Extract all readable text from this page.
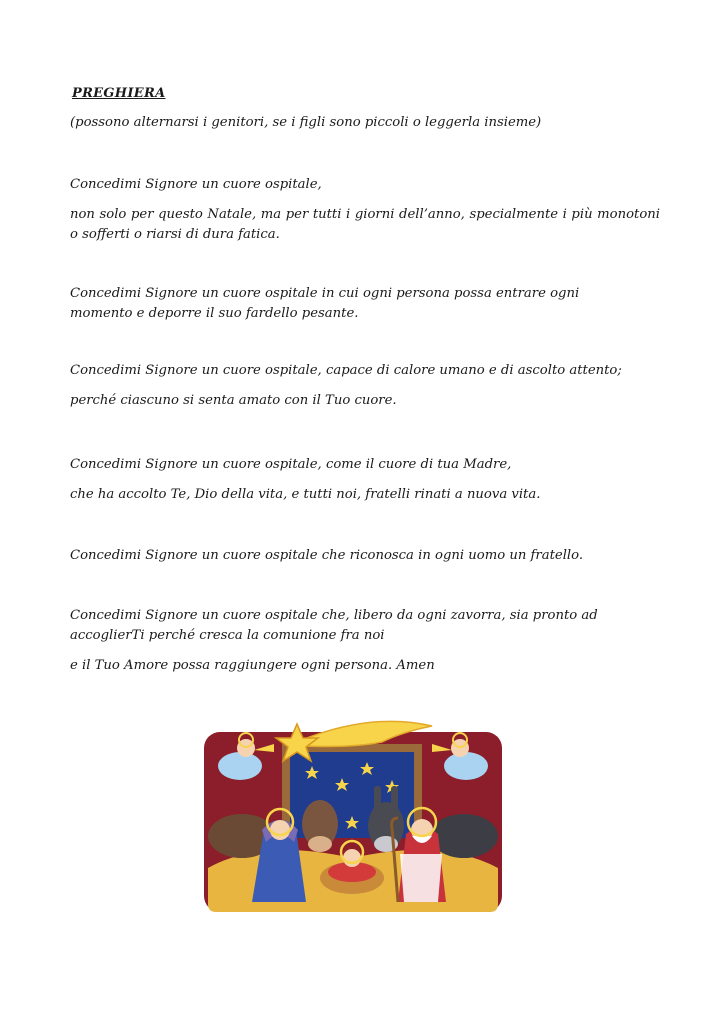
PREGHIERA
(possono alternarsi i genitori, se i figli sono piccoli o leggerla insieme)
Concedimi Signore un cuore ospitale,
non solo per questo Natale, ma per tutti i giorni dell’anno, specialmente i più monotoni o sofferti o riarsi di dura fatica.
Concedimi Signore un cuore ospitale in cui ogni persona possa entrare ogni momento e deporre il suo fardello pesante.
Concedimi Signore un cuore ospitale, capace di calore umano e di ascolto attento;
perché ciascuno si senta amato con il Tuo cuore.
Concedimi Signore un cuore ospitale, come il cuore di tua Madre,
che ha accolto Te, Dio della vita, e tutti noi, fratelli rinati a nuova vita.
Concedimi Signore un cuore ospitale che riconosca in ogni uomo un fratello.
Concedimi Signore un cuore ospitale che, libero da ogni zavorra, sia pronto ad accoglierTi perché cresca la comunione fra noi
e il Tuo Amore possa raggiungere ogni persona. Amen
